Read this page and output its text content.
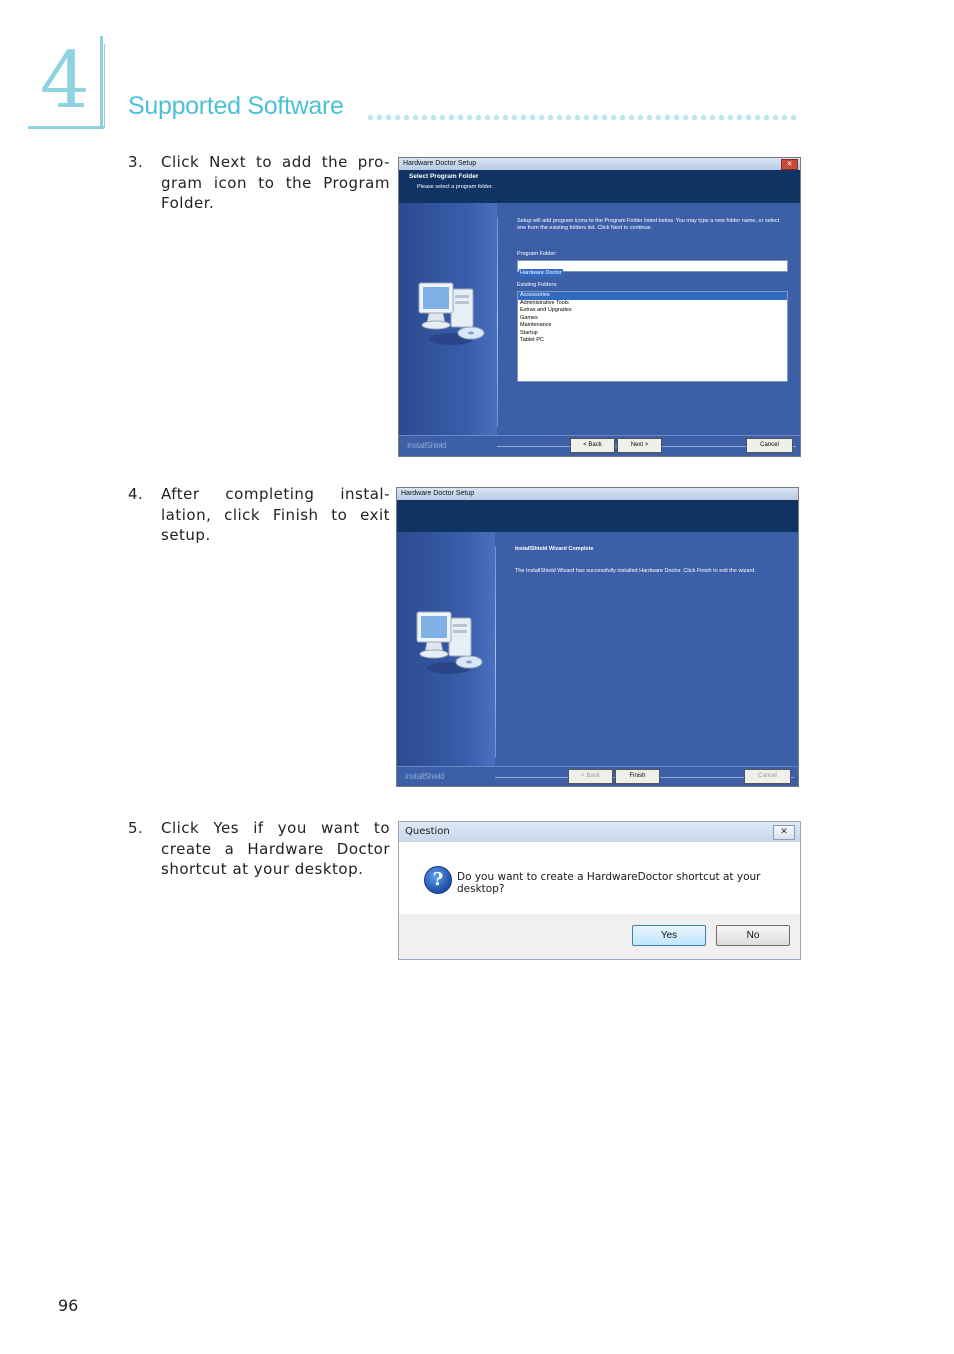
4 Supported Software
3. Click Next to add the pro-gram icon to the Program Folder.
Hardware Doctor Setup	✕
Select Program Folder
Please select a program folder.
Setup will add program icons to the Program Folder listed below. You may type a new folder name, or select one from the existing folders list. Click Next to continue.
Program Folder:
Hardware Doctor
Existing Folders:
Accessories
Administrative Tools
Extras and Upgrades
Games
Maintenance
Startup
Tablet PC
InstallShield	< Back	Next >	Cancel
4. After completing instal-lation, click Finish to exit setup.
Hardware Doctor Setup
InstallShield Wizard Complete
The InstallShield Wizard has successfully installed Hardware Doctor. Click Finish to exit the wizard.
InstallShield	< Back	Finish	Cancel
5. Click Yes if you want to create a Hardware Doctor shortcut at your desktop.
Question	✕
?	Do you want to create a HardwareDoctor shortcut at your desktop?
Yes	No
96
